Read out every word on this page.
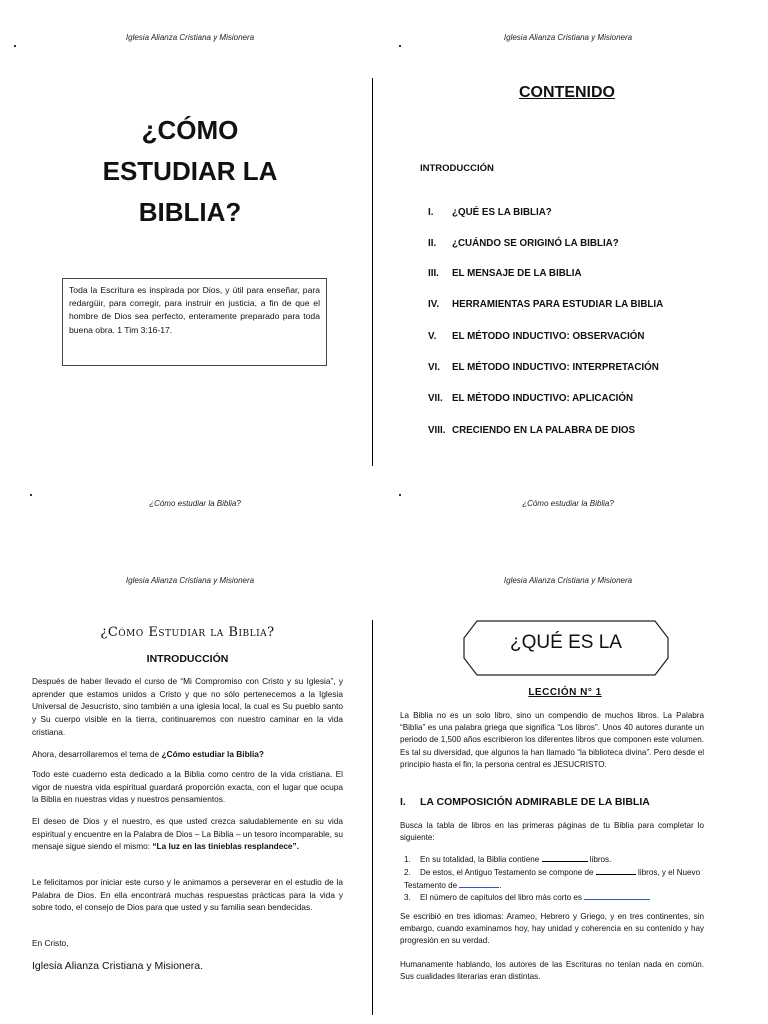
Iglesia Alianza Cristiana y Misionera
¿CÓMO
ESTUDIAR LA
BIBLIA?
Toda la Escritura es inspirada por Dios, y útil para enseñar, para redargüir, para corregir, para instruir en justicia, a fin de que el hombre de Dios sea perfecto, enteramente preparado para toda buena obra. 1 Tim 3:16-17.
¿Cómo estudiar la Biblia?
Iglesia Alianza Cristiana y Misionera
CONTENIDO
INTRODUCCIÓN
I. ¿QUÉ ES LA BIBLIA?
II. ¿CUÁNDO SE ORIGINÓ LA BIBLIA?
III. EL MENSAJE DE LA BIBLIA
IV. HERRAMIENTAS PARA ESTUDIAR LA BIBLIA
V. EL MÉTODO INDUCTIVO: OBSERVACIÓN
VI. EL MÉTODO INDUCTIVO: INTERPRETACIÓN
VII. EL MÉTODO INDUCTIVO: APLICACIÓN
VIII. CRECIENDO EN LA PALABRA DE DIOS
¿Cómo estudiar la Biblia?
Iglesia Alianza Cristiana y Misionera
¿Cómo Estudiar la Biblia?
INTRODUCCIÓN
Después de haber llevado el curso de “Mi Compromiso con Cristo y su Iglesia”, y aprender que estamos unidos a Cristo y que no sólo pertenecemos a la Iglesia Universal de Jesucristo, sino también a una iglesia local, la cual es Su pueblo santo y Su cuerpo visible en la tierra, continuaremos con nuestro caminar en la vida cristiana.
Ahora, desarrollaremos el tema de ¿Cómo estudiar la Biblia?
Todo este cuaderno esta dedicado a la Biblia como centro de la vida cristiana. El vigor de nuestra vida espiritual guardará proporción exacta, con el lugar que ocupa la Biblia en nuestras vidas y nuestros pensamientos.
El deseo de Dios y el nuestro, es que usted crezca saludablemente en su vida espiritual y encuentre en la Palabra de Dios – La Biblia – un tesoro incomparable, su mensaje sigue siendo el mismo: “La luz en las tinieblas resplandece”.
Le felicitamos por iniciar este curso y le animamos a perseverar en el estudio de la Palabra de Dios. En ella encontrará muchas respuestas prácticas para la vida y sobre todo, el consejo de Dios para que usted y su familia sean bendecidas.
En Cristo,
Iglesia Alianza Cristiana y Misionera.
Iglesia Alianza Cristiana y Misionera
¿QUÉ ES LA
LECCIÓN N° 1
La Biblia no es un solo libro, sino un compendio de muchos libros. La Palabra “Biblia” es una palabra griega que significa “Los libros”. Unos 40 autores durante un periodo de 1,500 años escribieron los diferentes libros que componen este volumen. Es tal su diversidad, que algunos la han llamado “la biblioteca divina”. Pero desde el principio hasta el fin, la persona central es JESUCRISTO.
I. LA COMPOSICIÓN ADMIRABLE DE LA BIBLIA
Busca la tabla de libros en las primeras páginas de tu Biblia para completar lo siguiente:
1. En su totalidad, la Biblia contiene	libros.
2. De estos, el Antiguo Testamento se compone de	libros, y el Nuevo Testamento de	.
3. El número de capítulos del libro más corto es
Se escribió en tres idiomas: Arameo, Hebrero y Griego, y en tres continentes, sin embargo, cuando examinamos hoy, hay unidad y coherencia en su contenido y hay progresión en su verdad.
Humanamente hablando, los autores de las Escrituras no tenían nada en común. Sus cualidades literarias eran distintas.
